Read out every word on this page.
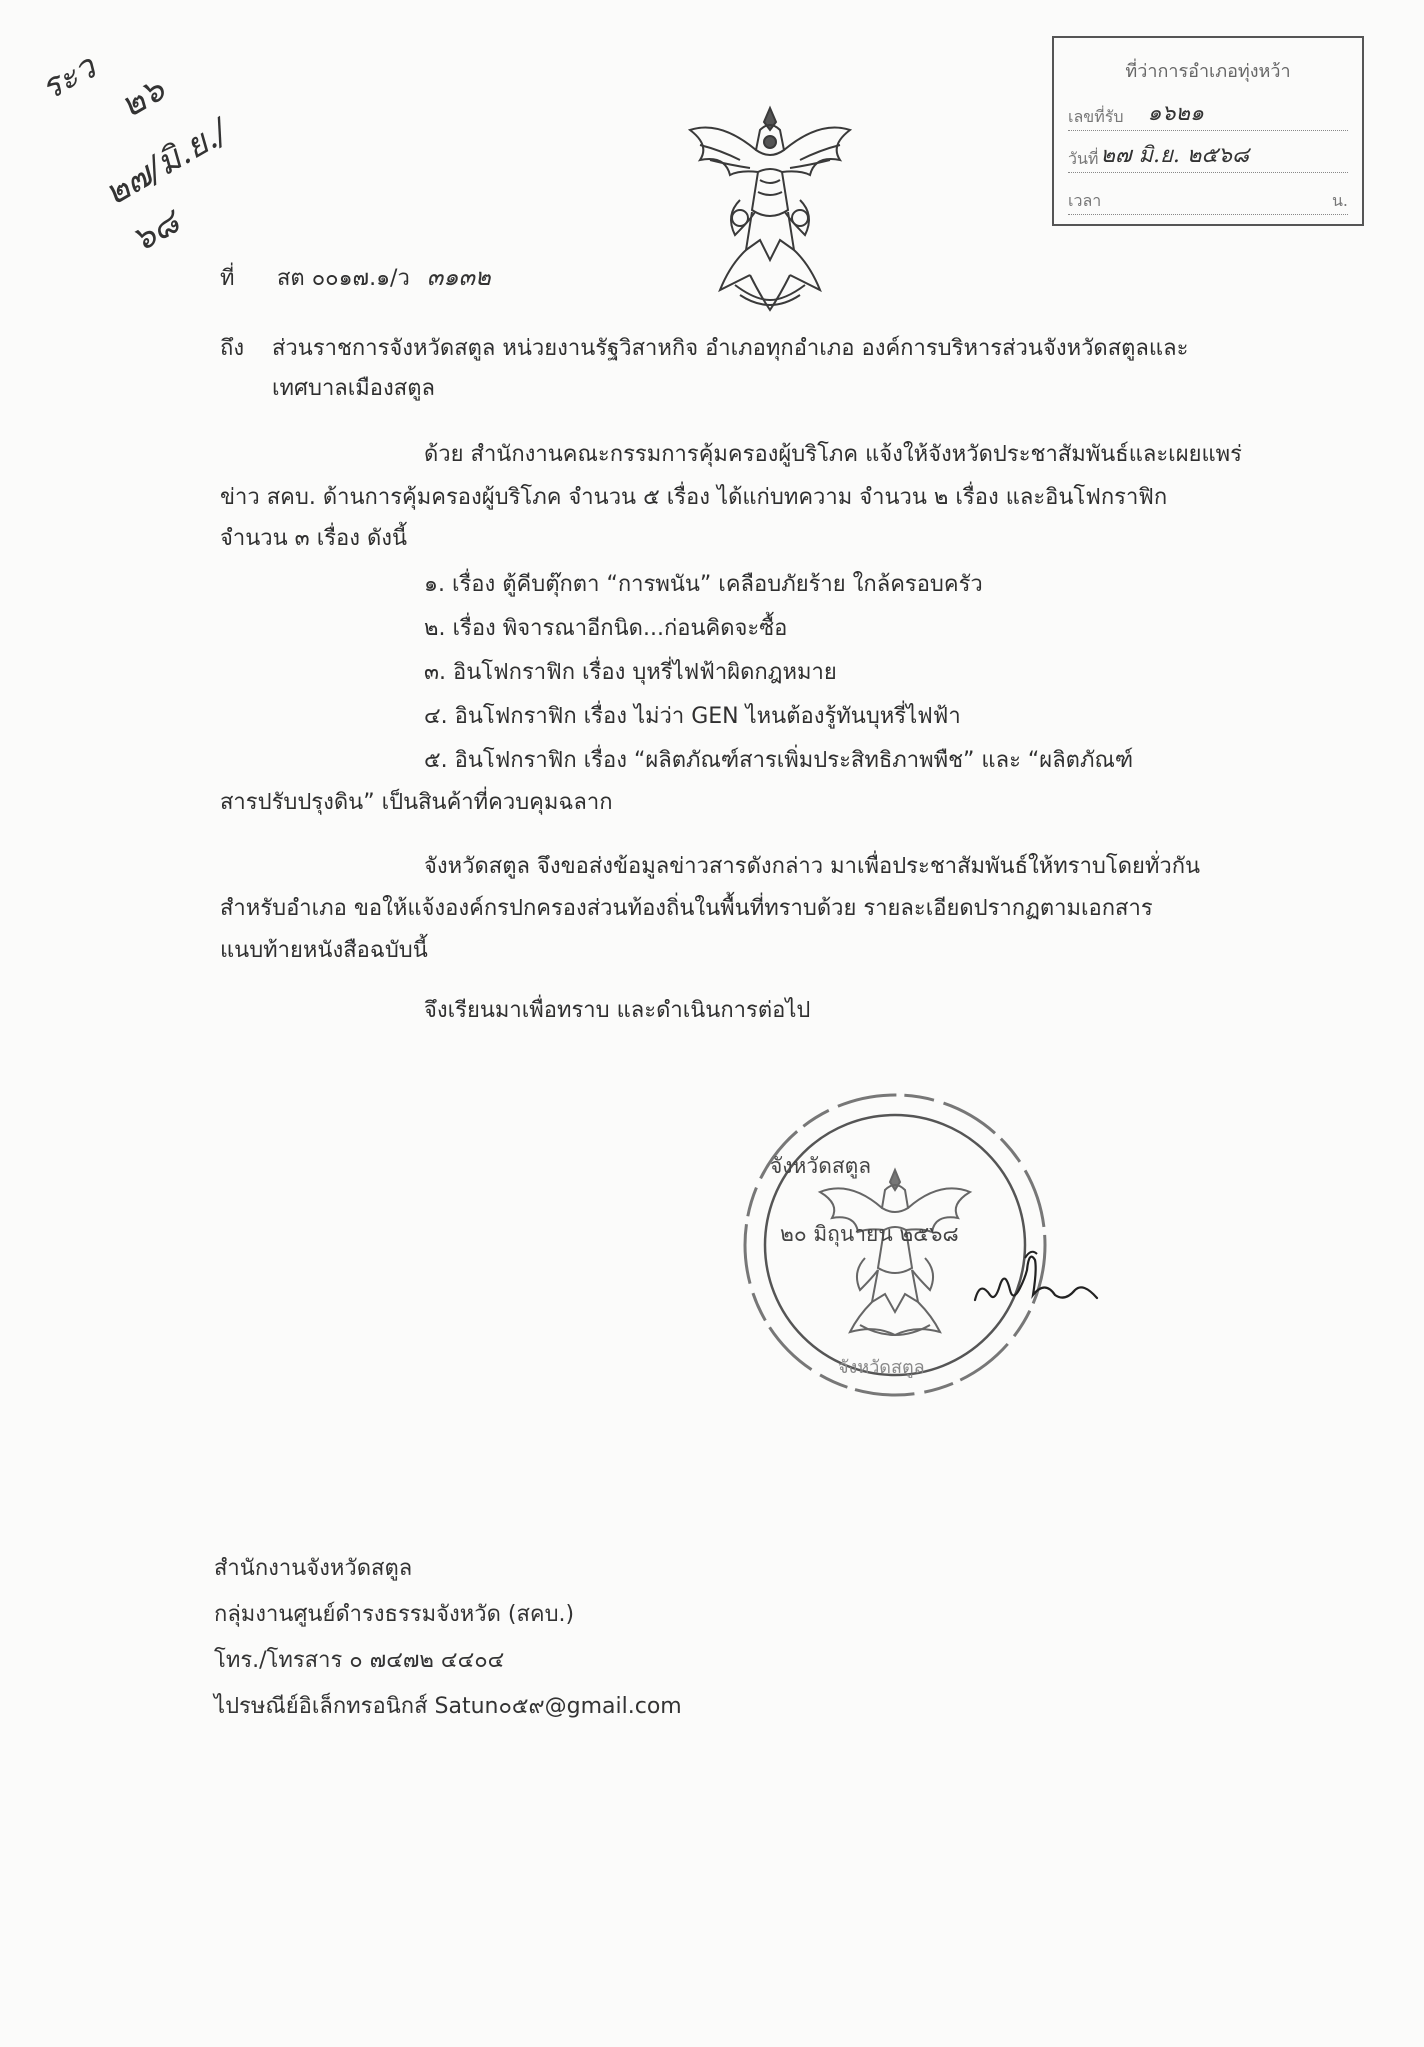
ระว ๒๖
๒๗/มิ.ย./๖๘
ที่ว่าการอำเภอทุ่งหว้า
เลขที่รับ	๑๖๒๑
วันที่ ๒๗ มิ.ย. ๒๕๖๘
เวลา	น.
ที่ สต ๐๐๑๗.๑/ว ๓๑๓๒
ถึง ส่วนราชการจังหวัดสตูล หน่วยงานรัฐวิสาหกิจ อำเภอทุกอำเภอ องค์การบริหารส่วนจังหวัดสตูลและ
เทศบาลเมืองสตูล
ด้วย สำนักงานคณะกรรมการคุ้มครองผู้บริโภค แจ้งให้จังหวัดประชาสัมพันธ์และเผยแพร่
ข่าว สคบ. ด้านการคุ้มครองผู้บริโภค จำนวน ๕ เรื่อง ได้แก่บทความ จำนวน ๒ เรื่อง และอินโฟกราฟิก
จำนวน ๓ เรื่อง ดังนี้
๑. เรื่อง ตู้คีบตุ๊กตา “การพนัน” เคลือบภัยร้าย ใกล้ครอบครัว
๒. เรื่อง พิจารณาอีกนิด...ก่อนคิดจะซื้อ
๓. อินโฟกราฟิก เรื่อง บุหรี่ไฟฟ้าผิดกฎหมาย
๔. อินโฟกราฟิก เรื่อง ไม่ว่า GEN ไหนต้องรู้ทันบุหรี่ไฟฟ้า
๕. อินโฟกราฟิก เรื่อง “ผลิตภัณฑ์สารเพิ่มประสิทธิภาพพืช” และ “ผลิตภัณฑ์
สารปรับปรุงดิน” เป็นสินค้าที่ควบคุมฉลาก
จังหวัดสตูล จึงขอส่งข้อมูลข่าวสารดังกล่าว มาเพื่อประชาสัมพันธ์ให้ทราบโดยทั่วกัน
สำหรับอำเภอ ขอให้แจ้งองค์กรปกครองส่วนท้องถิ่นในพื้นที่ทราบด้วย รายละเอียดปรากฏตามเอกสาร
แนบท้ายหนังสือฉบับนี้
จึงเรียนมาเพื่อทราบ และดำเนินการต่อไป
จังหวัดสตูล
๒๐ มิถุนายน ๒๕๖๘
จังหวัดสตูล
สำนักงานจังหวัดสตูล
กลุ่มงานศูนย์ดำรงธรรมจังหวัด (สคบ.)
โทร./โทรสาร ๐ ๗๔๗๒ ๔๔๐๔
ไปรษณีย์อิเล็กทรอนิกส์ Satun๐๕๙@gmail.com
